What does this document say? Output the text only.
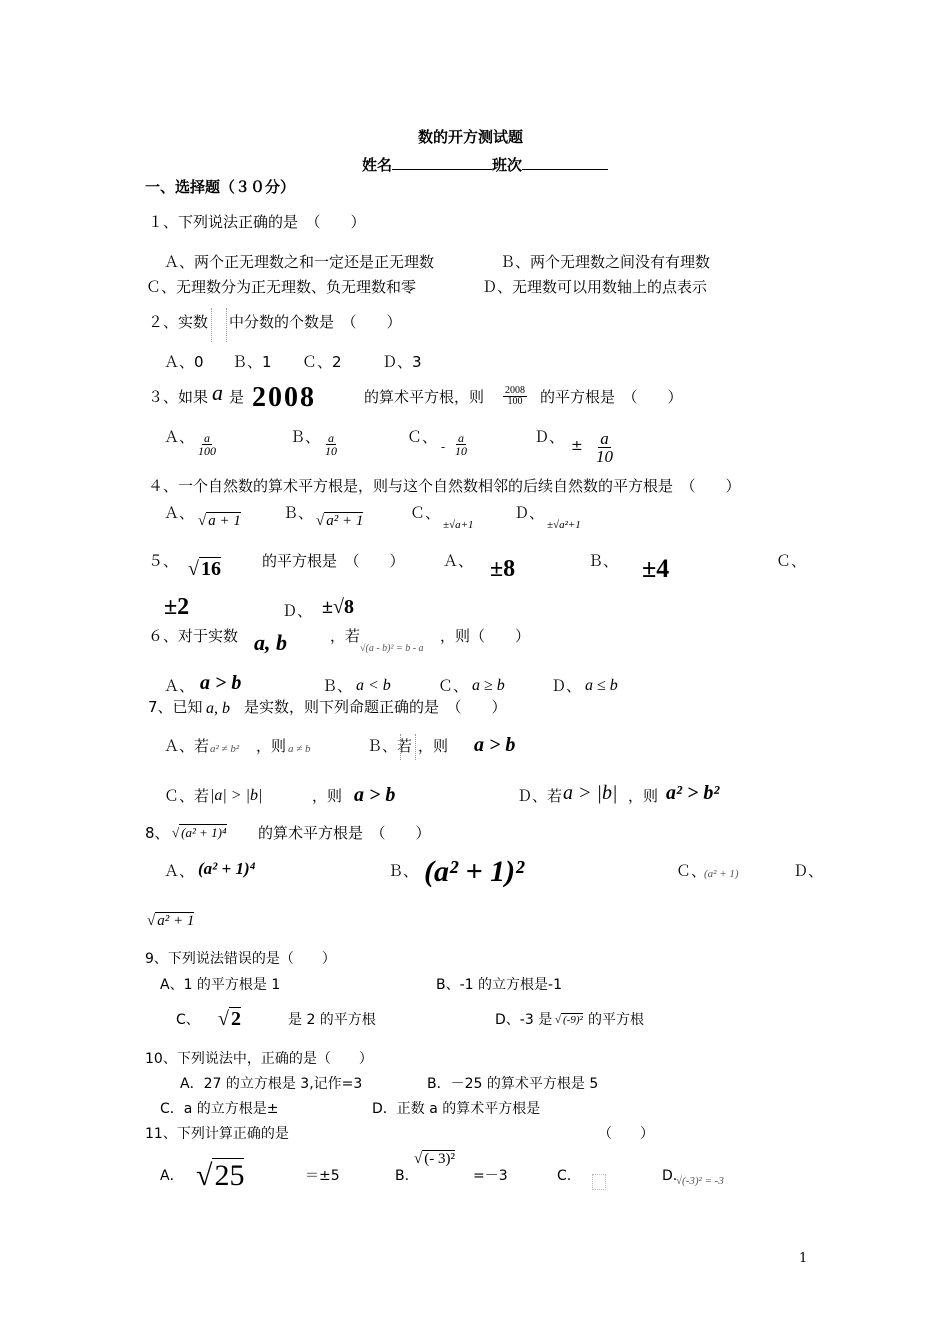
数的开方测试题
姓名	班次
一、选择题（３０分）
１、下列说法正确的是　（　　）
Ａ、两个正无理数之和一定还是正无理数	Ｂ、两个无理数之间没有有理数
Ｃ、无理数分为正无理数、负无理数和零	Ｄ、无理数可以用数轴上的点表示
２、实数 中分数的个数是　（　　）
Ａ、0 Ｂ、1 Ｃ、2	Ｄ、3
３、如果 a 是 2008	的算术平方根，则 $\frac{2008}{100}$ 的平方根是　（　　）
Ａ、 $\frac{a}{100}$	Ｂ、 $\frac{a}{10}$	Ｃ、
- $\frac{a}{10}$	Ｄ、 ± $\frac{a}{10}$
４、一个自然数的算术平方根是，则与这个自然数相邻的后续自然数的平方根是　（　　）
Ａ、 √ a + 1	Ｂ、 √ a² + 1	Ｃ、
±√a+1
Ｄ、
±√a²+1
５、 √ 16	的平方根是　（　　）	Ａ、 ±8	Ｂ、 ±4	Ｃ、
±2	Ｄ、 ±√8
６、对于实数 a, b	，若
√(a - b)² = b - a
，则（　　）
Ａ、 a > b	Ｂ、 a < b	Ｃ、 a ≥ b	Ｄ、 a ≤ b
7、已知 a, b 是实数，则下列命题正确的是　（　　）
Ａ、若 a² ≠ b² ，则 a ≠ b	Ｂ、若 ，则 a > b
Ｃ、若 |a| > |b|	，则 a > b	Ｄ、若 a > |b| ，则 a² > b²
8、 √ (a² + 1)⁴ 的算术平方根是　（　　）
Ａ、 (a² + 1)⁴	Ｂ、 (a² + 1)²	Ｃ、
(a² + 1)	Ｄ、
√ a² + 1
9、下列说法错误的是（　　）
A、1 的平方根是 1	B、-1 的立方根是-1
C、 √ 2	是 2 的平方根	D、-3 是 √ (-9)² 的平方根
10、下列说法中，正确的是（　　）
A．27 的立方根是 3,记作=3	B．－25 的算术平方根是 5
C．a 的立方根是±	D．正数 a 的算术平方根是
11、下列计算正确的是	（　　）
A． √25	＝±5	B.
√ (- 3)²
=－3	C.	D.
√(-3)² = -3
1
